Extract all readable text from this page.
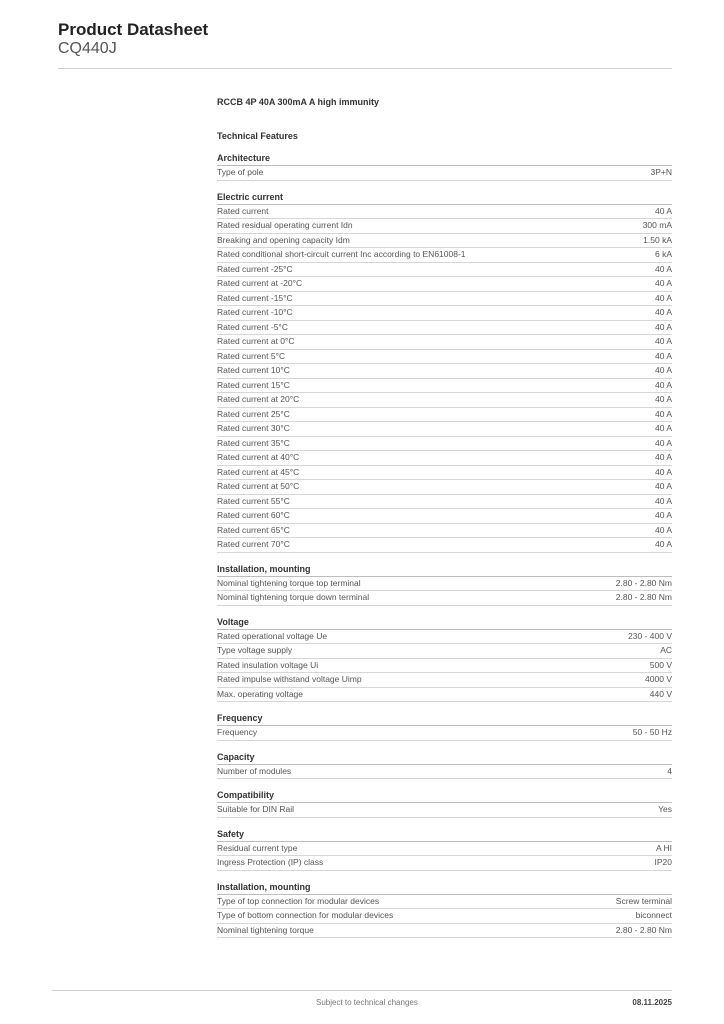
Product Datasheet
CQ440J
RCCB 4P 40A 300mA A high immunity
Technical Features
Architecture
Type of pole	3P+N
Electric current
Rated current	40 A
Rated residual operating current Idn	300 mA
Breaking and opening capacity Idm	1.50 kA
Rated conditional short-circuit current Inc according to EN61008-1	6 kA
Rated current -25°C	40 A
Rated current at -20°C	40 A
Rated current -15°C	40 A
Rated current -10°C	40 A
Rated current -5°C	40 A
Rated current at 0°C	40 A
Rated current 5°C	40 A
Rated current 10°C	40 A
Rated current 15°C	40 A
Rated current at 20°C	40 A
Rated current 25°C	40 A
Rated current 30°C	40 A
Rated current 35°C	40 A
Rated current at 40°C	40 A
Rated current at 45°C	40 A
Rated current at 50°C	40 A
Rated current 55°C	40 A
Rated current 60°C	40 A
Rated current 65°C	40 A
Rated current 70°C	40 A
Installation, mounting
Nominal tightening torque top terminal	2.80 - 2.80 Nm
Nominal tightening torque down terminal	2.80 - 2.80 Nm
Voltage
Rated operational voltage Ue	230 - 400 V
Type voltage supply	AC
Rated insulation voltage Ui	500 V
Rated impulse withstand voltage Uimp	4000 V
Max. operating voltage	440 V
Frequency
Frequency	50 - 50 Hz
Capacity
Number of modules	4
Compatibility
Suitable for DIN Rail	Yes
Safety
Residual current type	A HI
Ingress Protection (IP) class	IP20
Installation, mounting
Type of top connection for modular devices	Screw terminal
Type of bottom connection for modular devices	biconnect
Nominal tightening torque	2.80 - 2.80 Nm
Subject to technical changes	08.11.2025
